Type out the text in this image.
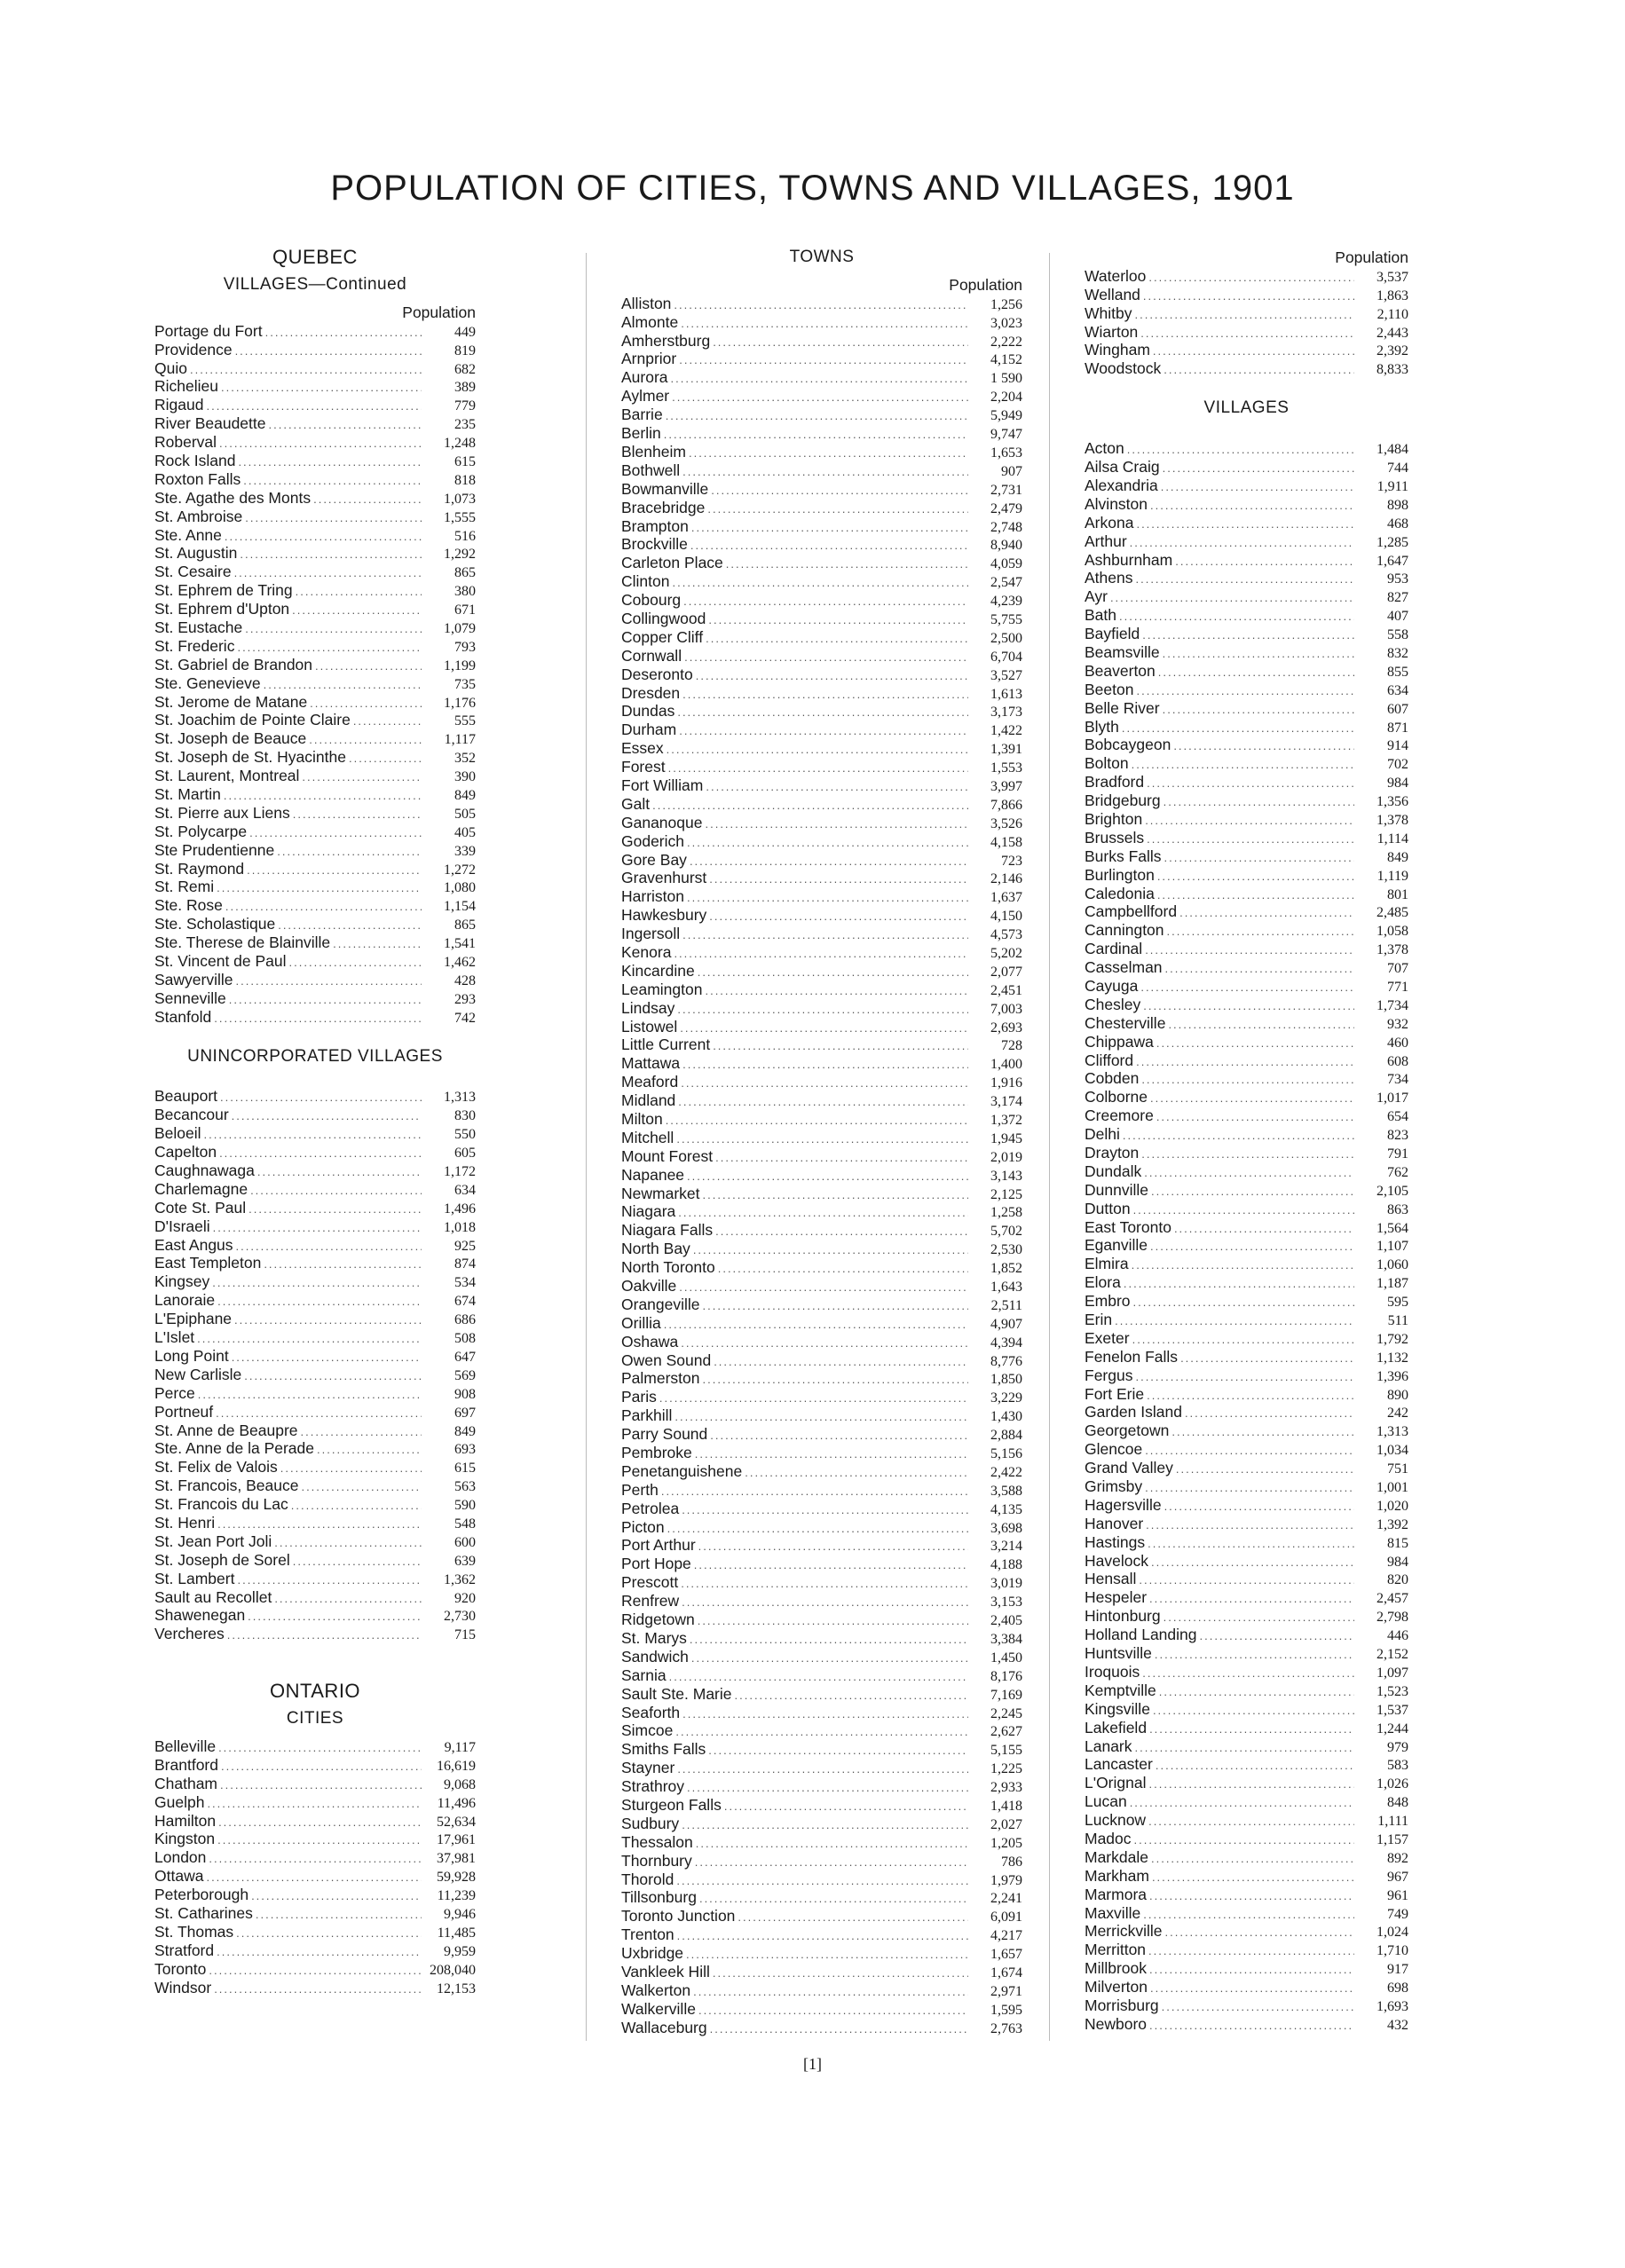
POPULATION OF CITIES, TOWNS AND VILLAGES, 1901
QUEBEC
VILLAGES—Continued
Population
Portage du Fort .....	449
Providence .....	819
Quio .....	682
Richelieu .....	389
Rigaud .....	779
River Beaudette .....	235
Roberval .....	1,248
Rock Island .....	615
Roxton Falls .....	818
Ste. Agathe des Monts .....	1,073
St. Ambroise .....	1,555
Ste. Anne .....	516
St. Augustin .....	1,292
St. Cesaire .....	865
St. Ephrem de Tring .....	380
St. Ephrem d'Upton .....	671
St. Eustache .....	1,079
St. Frederic .....	793
St. Gabriel de Brandon .....	1,199
Ste. Genevieve .....	735
St. Jerome de Matane .....	1,176
St. Joachim de Pointe Claire .....	555
St. Joseph de Beauce .....	1,117
St. Joseph de St. Hyacinthe .....	352
St. Laurent, Montreal .....	390
St. Martin .....	849
St. Pierre aux Liens .....	505
St. Polycarpe .....	405
Ste Prudentienne .....	339
St. Raymond .....	1,272
St. Remi .....	1,080
Ste. Rose .....	1,154
Ste. Scholastique .....	865
Ste. Therese de Blainville .....	1,541
St. Vincent de Paul .....	1,462
Sawyerville .....	428
Senneville .....	293
Stanfold .....	742
UNINCORPORATED VILLAGES
Beauport .....	1,313
Becancour .....	830
Beloeil .....	550
Capelton .....	605
Caughnawaga .....	1,172
Charlemagne .....	634
Cote St. Paul .....	1,496
D'Israeli .....	1,018
East Angus .....	925
East Templeton .....	874
Kingsey .....	534
Lanoraie .....	674
L'Epiphane .....	686
L'Islet .....	508
Long Point .....	647
New Carlisle .....	569
Perce .....	908
Portneuf .....	697
St. Anne de Beaupre .....	849
Ste. Anne de la Perade .....	693
St. Felix de Valois .....	615
St. Francois, Beauce .....	563
St. Francois du Lac .....	590
St. Henri .....	548
St. Jean Port Joli .....	600
St. Joseph de Sorel .....	639
St. Lambert .....	1,362
Sault au Recollet .....	920
Shawenegan .....	2,730
Vercheres .....	715
ONTARIO
CITIES
Belleville .....	9,117
Brantford .....	16,619
Chatham .....	9,068
Guelph .....	11,496
Hamilton .....	52,634
Kingston .....	17,961
London .....	37,981
Ottawa .....	59,928
Peterborough .....	11,239
St. Catharines .....	9,946
St. Thomas .....	11,485
Stratford .....	9,959
Toronto .....	208,040
Windsor .....	12,153
TOWNS
Population
Alliston .....	1,256
Almonte .....	3,023
Amherstburg .....	2,222
Arnprior .....	4,152
Aurora .....	1 590
Aylmer .....	2,204
Barrie .....	5,949
Berlin .....	9,747
Blenheim .....	1,653
Bothwell .....	907
Bowmanville .....	2,731
Bracebridge .....	2,479
Brampton .....	2,748
Brockville .....	8,940
Carleton Place .....	4,059
Clinton .....	2,547
Cobourg .....	4,239
Collingwood .....	5,755
Copper Cliff .....	2,500
Cornwall .....	6,704
Deseronto .....	3,527
Dresden .....	1,613
Dundas .....	3,173
Durham .....	1,422
Essex .....	1,391
Forest .....	1,553
Fort William .....	3,997
Galt .....	7,866
Gananoque .....	3,526
Goderich .....	4,158
Gore Bay .....	723
Gravenhurst .....	2,146
Harriston .....	1,637
Hawkesbury .....	4,150
Ingersoll .....	4,573
Kenora .....	5,202
Kincardine .....	2,077
Leamington .....	2,451
Lindsay .....	7,003
Listowel .....	2,693
Little Current .....	728
Mattawa .....	1,400
Meaford .....	1,916
Midland .....	3,174
Milton .....	1,372
Mitchell .....	1,945
Mount Forest .....	2,019
Napanee .....	3,143
Newmarket .....	2,125
Niagara .....	1,258
Niagara Falls .....	5,702
North Bay .....	2,530
North Toronto .....	1,852
Oakville .....	1,643
Orangeville .....	2,511
Orillia .....	4,907
Oshawa .....	4,394
Owen Sound .....	8,776
Palmerston .....	1,850
Paris .....	3,229
Parkhill .....	1,430
Parry Sound .....	2,884
Pembroke .....	5,156
Penetanguishene .....	2,422
Perth .....	3,588
Petrolea .....	4,135
Picton .....	3,698
Port Arthur .....	3,214
Port Hope .....	4,188
Prescott .....	3,019
Renfrew .....	3,153
Ridgetown .....	2,405
St. Marys .....	3,384
Sandwich .....	1,450
Sarnia .....	8,176
Sault Ste. Marie .....	7,169
Seaforth .....	2,245
Simcoe .....	2,627
Smiths Falls .....	5,155
Stayner .....	1,225
Strathroy .....	2,933
Sturgeon Falls .....	1,418
Sudbury .....	2,027
Thessalon .....	1,205
Thornbury .....	786
Thorold .....	1,979
Tillsonburg .....	2,241
Toronto Junction .....	6,091
Trenton .....	4,217
Uxbridge .....	1,657
Vankleek Hill .....	1,674
Walkerton .....	2,971
Walkerville .....	1,595
Wallaceburg .....	2,763
Population
Waterloo .....	3,537
Welland .....	1,863
Whitby .....	2,110
Wiarton .....	2,443
Wingham .....	2,392
Woodstock .....	8,833
VILLAGES
Acton .....	1,484
Ailsa Craig .....	744
Alexandria .....	1,911
Alvinston .....	898
Arkona .....	468
Arthur .....	1,285
Ashburnham .....	1,647
Athens .....	953
Ayr .....	827
Bath .....	407
Bayfield .....	558
Beamsville .....	832
Beaverton .....	855
Beeton .....	634
Belle River .....	607
Blyth .....	871
Bobcaygeon .....	914
Bolton .....	702
Bradford .....	984
Bridgeburg .....	1,356
Brighton .....	1,378
Brussels .....	1,114
Burks Falls .....	849
Burlington .....	1,119
Caledonia .....	801
Campbellford .....	2,485
Cannington .....	1,058
Cardinal .....	1,378
Casselman .....	707
Cayuga .....	771
Chesley .....	1,734
Chesterville .....	932
Chippawa .....	460
Clifford .....	608
Cobden .....	734
Colborne .....	1,017
Creemore .....	654
Delhi .....	823
Drayton .....	791
Dundalk .....	762
Dunnville .....	2,105
Dutton .....	863
East Toronto .....	1,564
Eganville .....	1,107
Elmira .....	1,060
Elora .....	1,187
Embro .....	595
Erin .....	511
Exeter .....	1,792
Fenelon Falls .....	1,132
Fergus .....	1,396
Fort Erie .....	890
Garden Island .....	242
Georgetown .....	1,313
Glencoe .....	1,034
Grand Valley .....	751
Grimsby .....	1,001
Hagersville .....	1,020
Hanover .....	1,392
Hastings .....	815
Havelock .....	984
Hensall .....	820
Hespeler .....	2,457
Hintonburg .....	2,798
Holland Landing .....	446
Huntsville .....	2,152
Iroquois .....	1,097
Kemptville .....	1,523
Kingsville .....	1,537
Lakefield .....	1,244
Lanark .....	979
Lancaster .....	583
L'Orignal .....	1,026
Lucan .....	848
Lucknow .....	1,111
Madoc .....	1,157
Markdale .....	892
Markham .....	967
Marmora .....	961
Maxville .....	749
Merrickville .....	1,024
Merritton .....	1,710
Millbrook .....	917
Milverton .....	698
Morrisburg .....	1,693
Newboro .....	432
[1]
